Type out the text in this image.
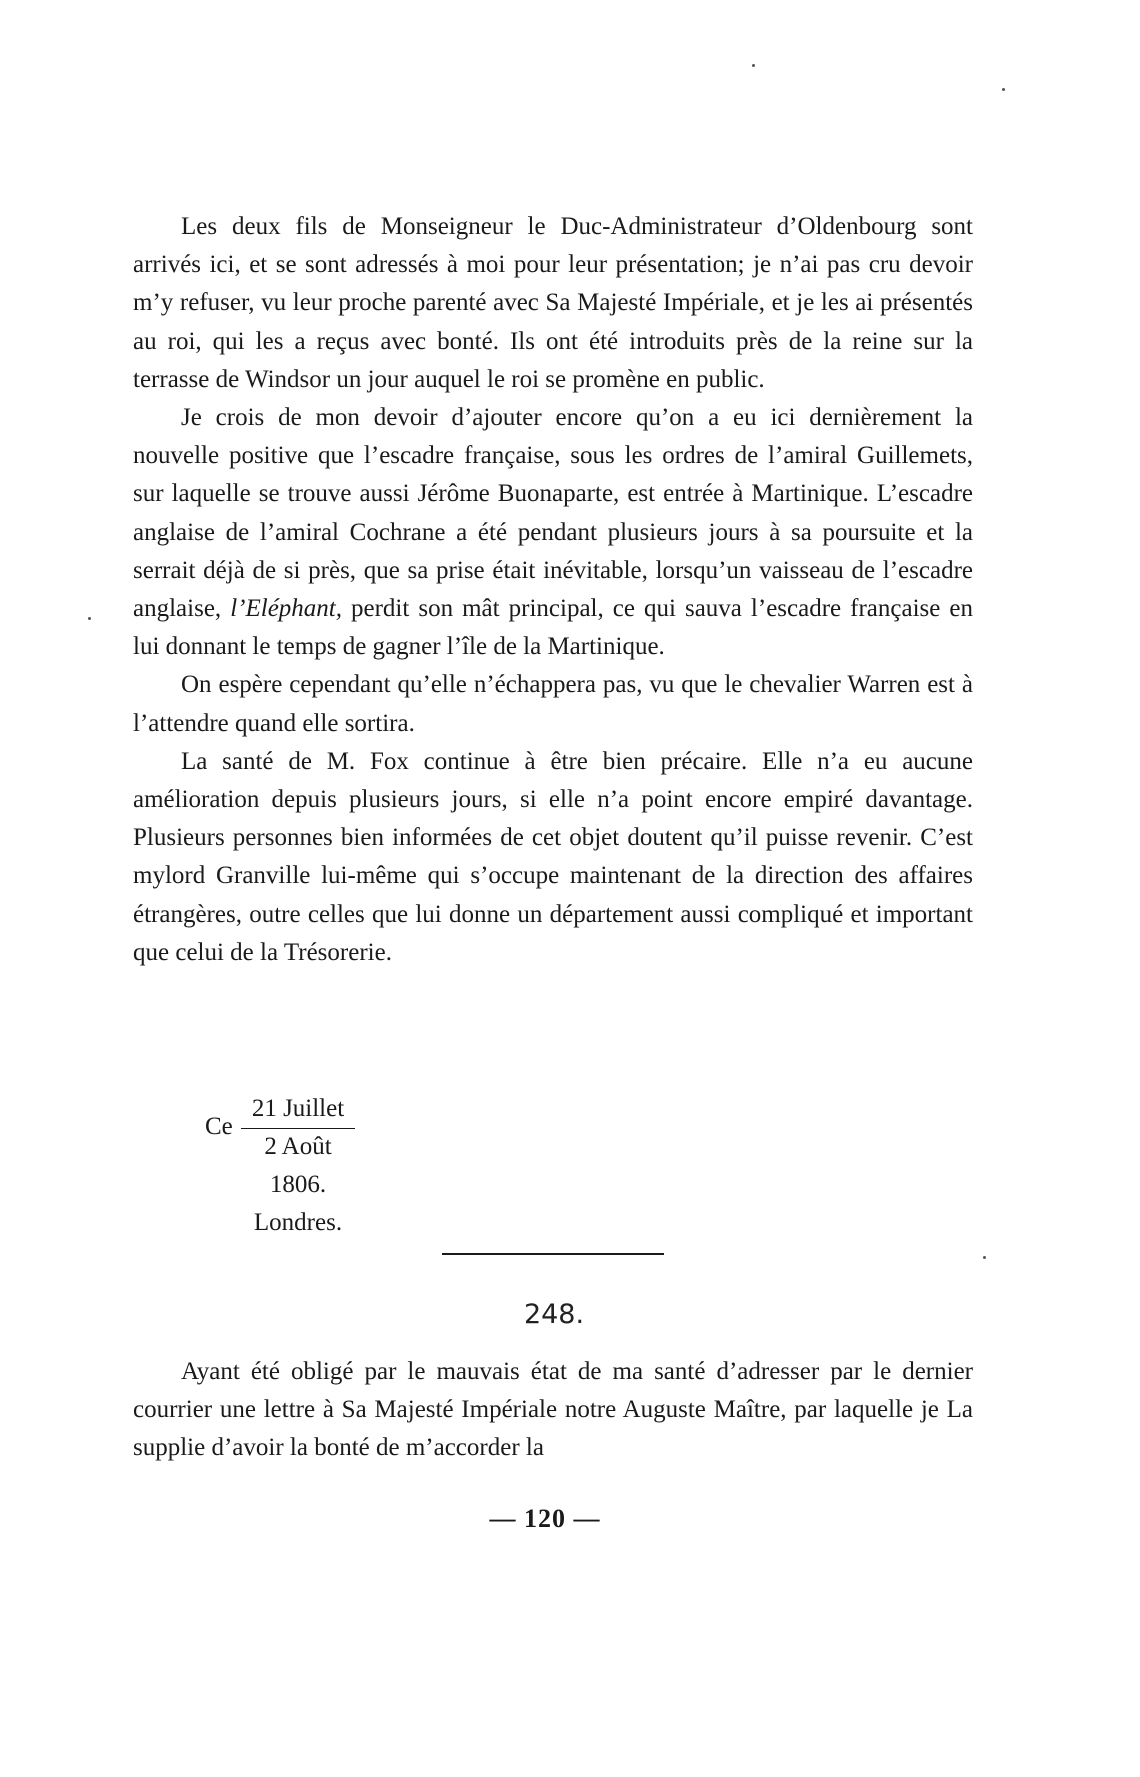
Les deux fils de Monseigneur le Duc-Administrateur d’Oldenbourg sont arrivés ici, et se sont adressés à moi pour leur présentation; je n’ai pas cru devoir m’y refuser, vu leur proche parenté avec Sa Majesté Impériale, et je les ai présentés au roi, qui les a reçus avec bonté. Ils ont été introduits près de la reine sur la terrasse de Windsor un jour auquel le roi se promène en public.

Je crois de mon devoir d’ajouter encore qu’on a eu ici dernièrement la nouvelle positive que l’escadre française, sous les ordres de l’amiral Guillemets, sur laquelle se trouve aussi Jérôme Buonaparte, est entrée à Martinique. L’escadre anglaise de l’amiral Cochrane a été pendant plusieurs jours à sa poursuite et la serrait déjà de si près, que sa prise était inévitable, lorsqu’un vaisseau de l’escadre anglaise, l’Eléphant, perdit son mât principal, ce qui sauva l’escadre française en lui donnant le temps de gagner l’île de la Martinique.

On espère cependant qu’elle n’échappera pas, vu que le chevalier Warren est à l’attendre quand elle sortira.

La santé de M. Fox continue à être bien précaire. Elle n’a eu aucune amélioration depuis plusieurs jours, si elle n’a point encore empiré davantage. Plusieurs personnes bien informées de cet objet doutent qu’il puisse revenir. C’est mylord Granville lui-même qui s’occupe maintenant de la direction des affaires étrangères, outre celles que lui donne un département aussi compliqué et important que celui de la Trésorerie.

Ce
21 Juillet
2 Août
1806.
Londres.
248.

Ayant été obligé par le mauvais état de ma santé d’adresser par le dernier courrier une lettre à Sa Majesté Impériale notre Auguste Maître, par laquelle je La supplie d’avoir la bonté de m’accorder la

— 120 —
